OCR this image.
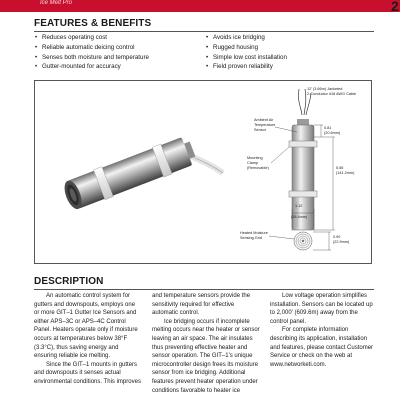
Ice Melt Pro	2
FEATURES & BENEFITS
• Reduces operating cost
• Reliable automatic deicing control
• Senses both moisture and temperature
• Gutter-mounted for accuracy
• Avoids ice bridging
• Rugged housing
• Simple low cost installation
• Field proven reliability
12' (3.66m) Jacketed
2-Conductor #18 AWG Cable
0.81
(20.6mm)
5.56
(141.2mm)
Ambient Air
Temperature
Sensor
Mounting
Clamp
(Removable)
1.12
(28.4mm)
Heated Moisture
Sensing Grid	0.90
(22.9mm)
DESCRIPTION

An automatic control system for gutters and downspouts, employs one or more GIT–1 Gutter Ice Sensors and either APS–3C or APS–4C Control Panel. Heaters operate only if moisture occurs at temperatures below 38°F (3.3°C), thus saving energy and ensuring reliable ice melting.

Since the GIT–1 mounts in gutters and downspouts it senses actual environmental conditions. This improves

and temperature sensors provide the sensitivity required for effective automatic control.

Ice bridging occurs if incomplete melting occurs near the heater or sensor leaving an air space. The air insulates thus preventing effective heater and sensor operation. The GIT–1's unique microcontroller design frees its moisture sensor from ice bridging. Additional features prevent heater operation under conditions favorable to heater ice

Low voltage operation simplifies installation. Sensors can be located up to 2,000' (609.6m) away from the control panel.

For complete information describing its application, installation and features, please contact Customer Service or check on the web at www.networketi.com.
